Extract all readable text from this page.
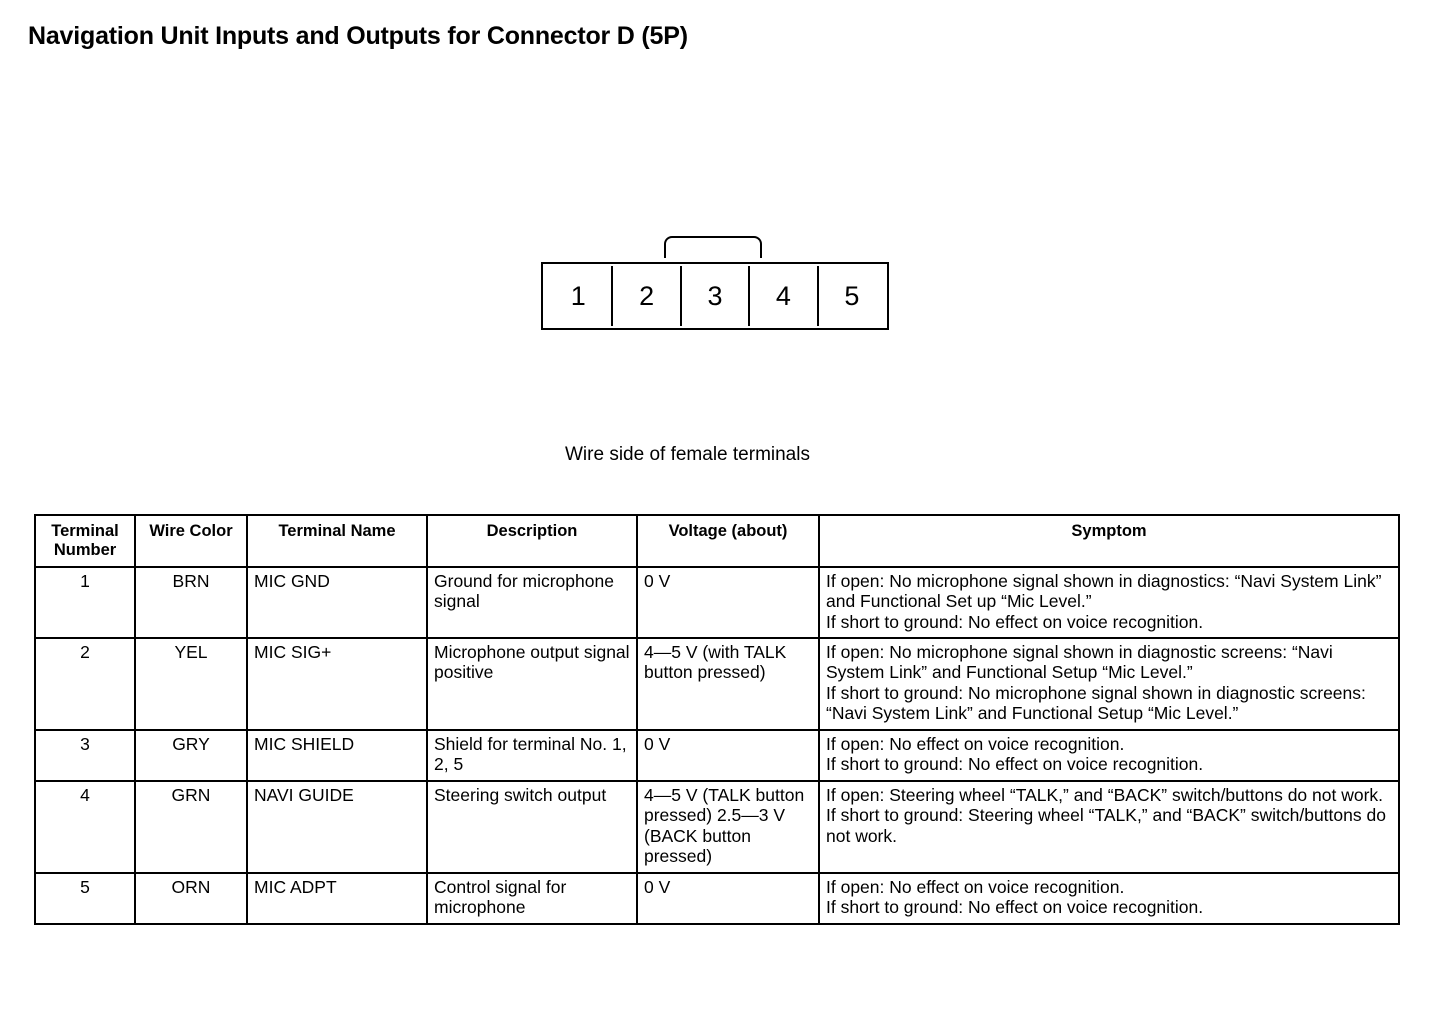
Navigation Unit Inputs and Outputs for Connector D (5P)
1	2	3	4	5
Wire side of female terminals
Terminal
Number	Wire Color	Terminal Name	Description	Voltage (about)	Symptom
1	BRN	MIC GND	Ground for microphone signal	0 V	If open: No microphone signal shown in diagnostics: “Navi System Link” and Functional Set up “Mic Level.”
If short to ground: No effect on voice recognition.

2	YEL	MIC SIG+	Microphone output signal positive	4—5 V (with TALK button pressed)	If open: No microphone signal shown in diagnostic screens: “Navi System Link” and Functional Setup “Mic Level.”
If short to ground: No microphone signal shown in diagnostic screens: “Navi System Link” and Functional Setup “Mic Level.”

3	GRY	MIC SHIELD	Shield for terminal No. 1, 2, 5	0 V	If open: No effect on voice recognition.
If short to ground: No effect on voice recognition.

4	GRN	NAVI GUIDE	Steering switch output	4—5 V (TALK button pressed) 2.5—3 V (BACK button pressed)	If open: Steering wheel “TALK,” and “BACK” switch/buttons do not work.
If short to ground: Steering wheel “TALK,” and “BACK” switch/buttons do not work.

5	ORN	MIC ADPT	Control signal for microphone	0 V	If open: No effect on voice recognition.
If short to ground: No effect on voice recognition.
